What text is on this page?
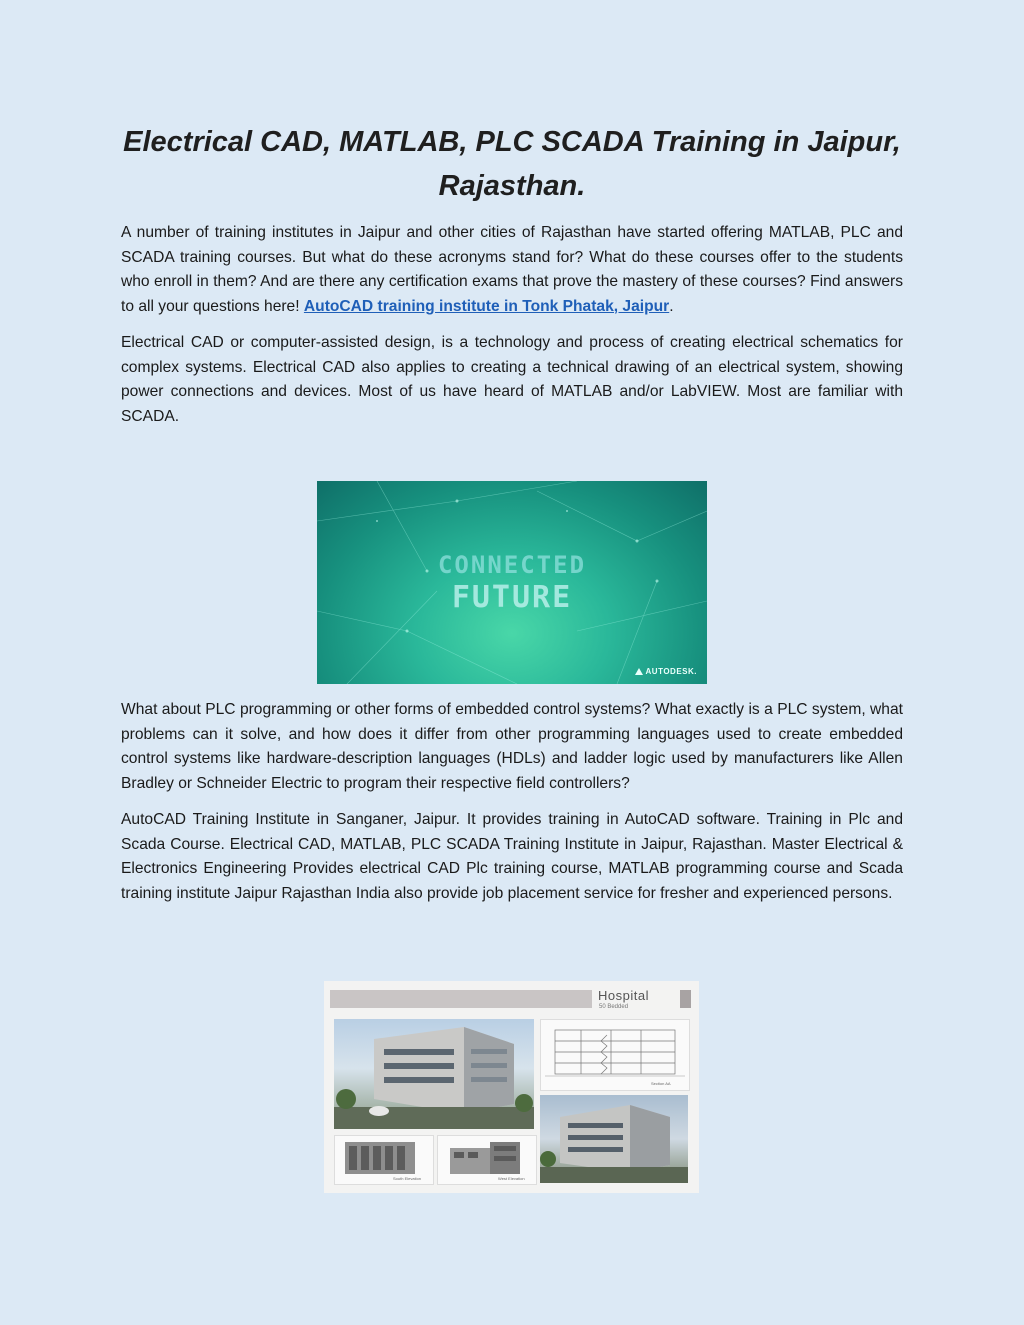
Electrical CAD, MATLAB, PLC SCADA Training in Jaipur, Rajasthan.

A number of training institutes in Jaipur and other cities of Rajasthan have started offering MATLAB, PLC and SCADA training courses. But what do these acronyms stand for? What do these courses offer to the students who enroll in them? And are there any certification exams that prove the mastery of these courses? Find answers to all your questions here! AutoCAD training institute in Tonk Phatak, Jaipur.

Electrical CAD or computer-assisted design, is a technology and process of creating electrical schematics for complex systems. Electrical CAD also applies to creating a technical drawing of an electrical system, showing power connections and devices. Most of us have heard of MATLAB and/or LabVIEW. Most are familiar with SCADA.

CONNECTED
FUTURE
AUTODESK.

What about PLC programming or other forms of embedded control systems? What exactly is a PLC system, what problems can it solve, and how does it differ from other programming languages used to create embedded control systems like hardware-description languages (HDLs) and ladder logic used by manufacturers like Allen Bradley or Schneider Electric to program their respective field controllers?

AutoCAD Training Institute in Sanganer, Jaipur. It provides training in AutoCAD software. Training in Plc and Scada Course. Electrical CAD, MATLAB, PLC SCADA Training Institute in Jaipur, Rajasthan. Master Electrical & Electronics Engineering Provides electrical CAD Plc training course, MATLAB programming course and Scada training institute Jaipur Rajasthan India also provide job placement service for fresher and experienced persons.

Hospital
50 Bedded
Section AA
South Elevation	West Elevation
